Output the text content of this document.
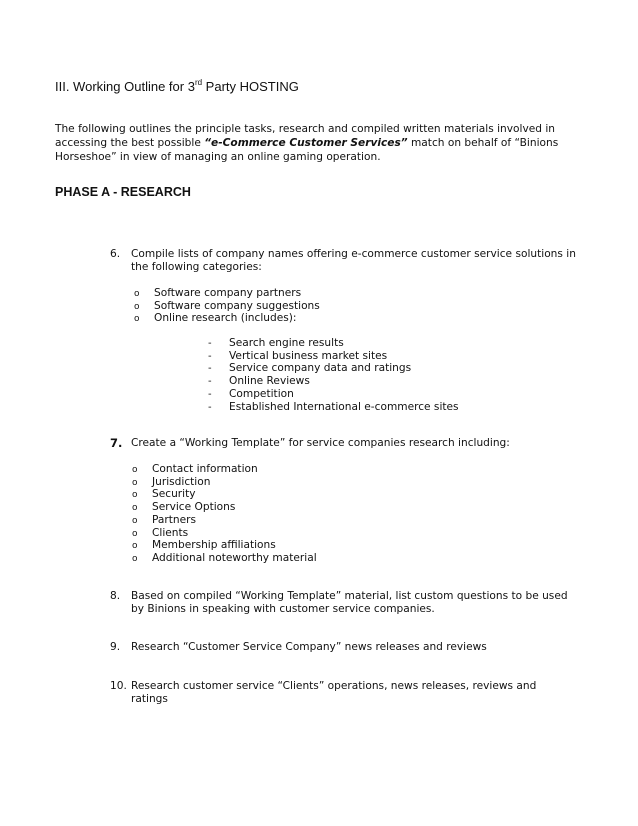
III. Working Outline for 3rd Party HOSTING
The following outlines the principle tasks, research and compiled written materials involved in accessing the best possible “e-Commerce Customer Services” match on behalf of “Binions Horseshoe” in view of managing an online gaming operation.
PHASE A - RESEARCH
6. Compile lists of company names offering e-commerce customer service solutions in the following categories:
o Software company partners
o Software company suggestions
o Online research (includes):
- Search engine results
- Vertical business market sites
- Service company data and ratings
- Online Reviews
- Competition
- Established International e-commerce sites
7. Create a “Working Template” for service companies research including:
o Contact information
o Jurisdiction
o Security
o Service Options
o Partners
o Clients
o Membership affiliations
o Additional noteworthy material
8. Based on compiled “Working Template” material, list custom questions to be used by Binions in speaking with customer service companies.
9. Research “Customer Service Company” news releases and reviews
10. Research customer service “Clients” operations, news releases, reviews and ratings
